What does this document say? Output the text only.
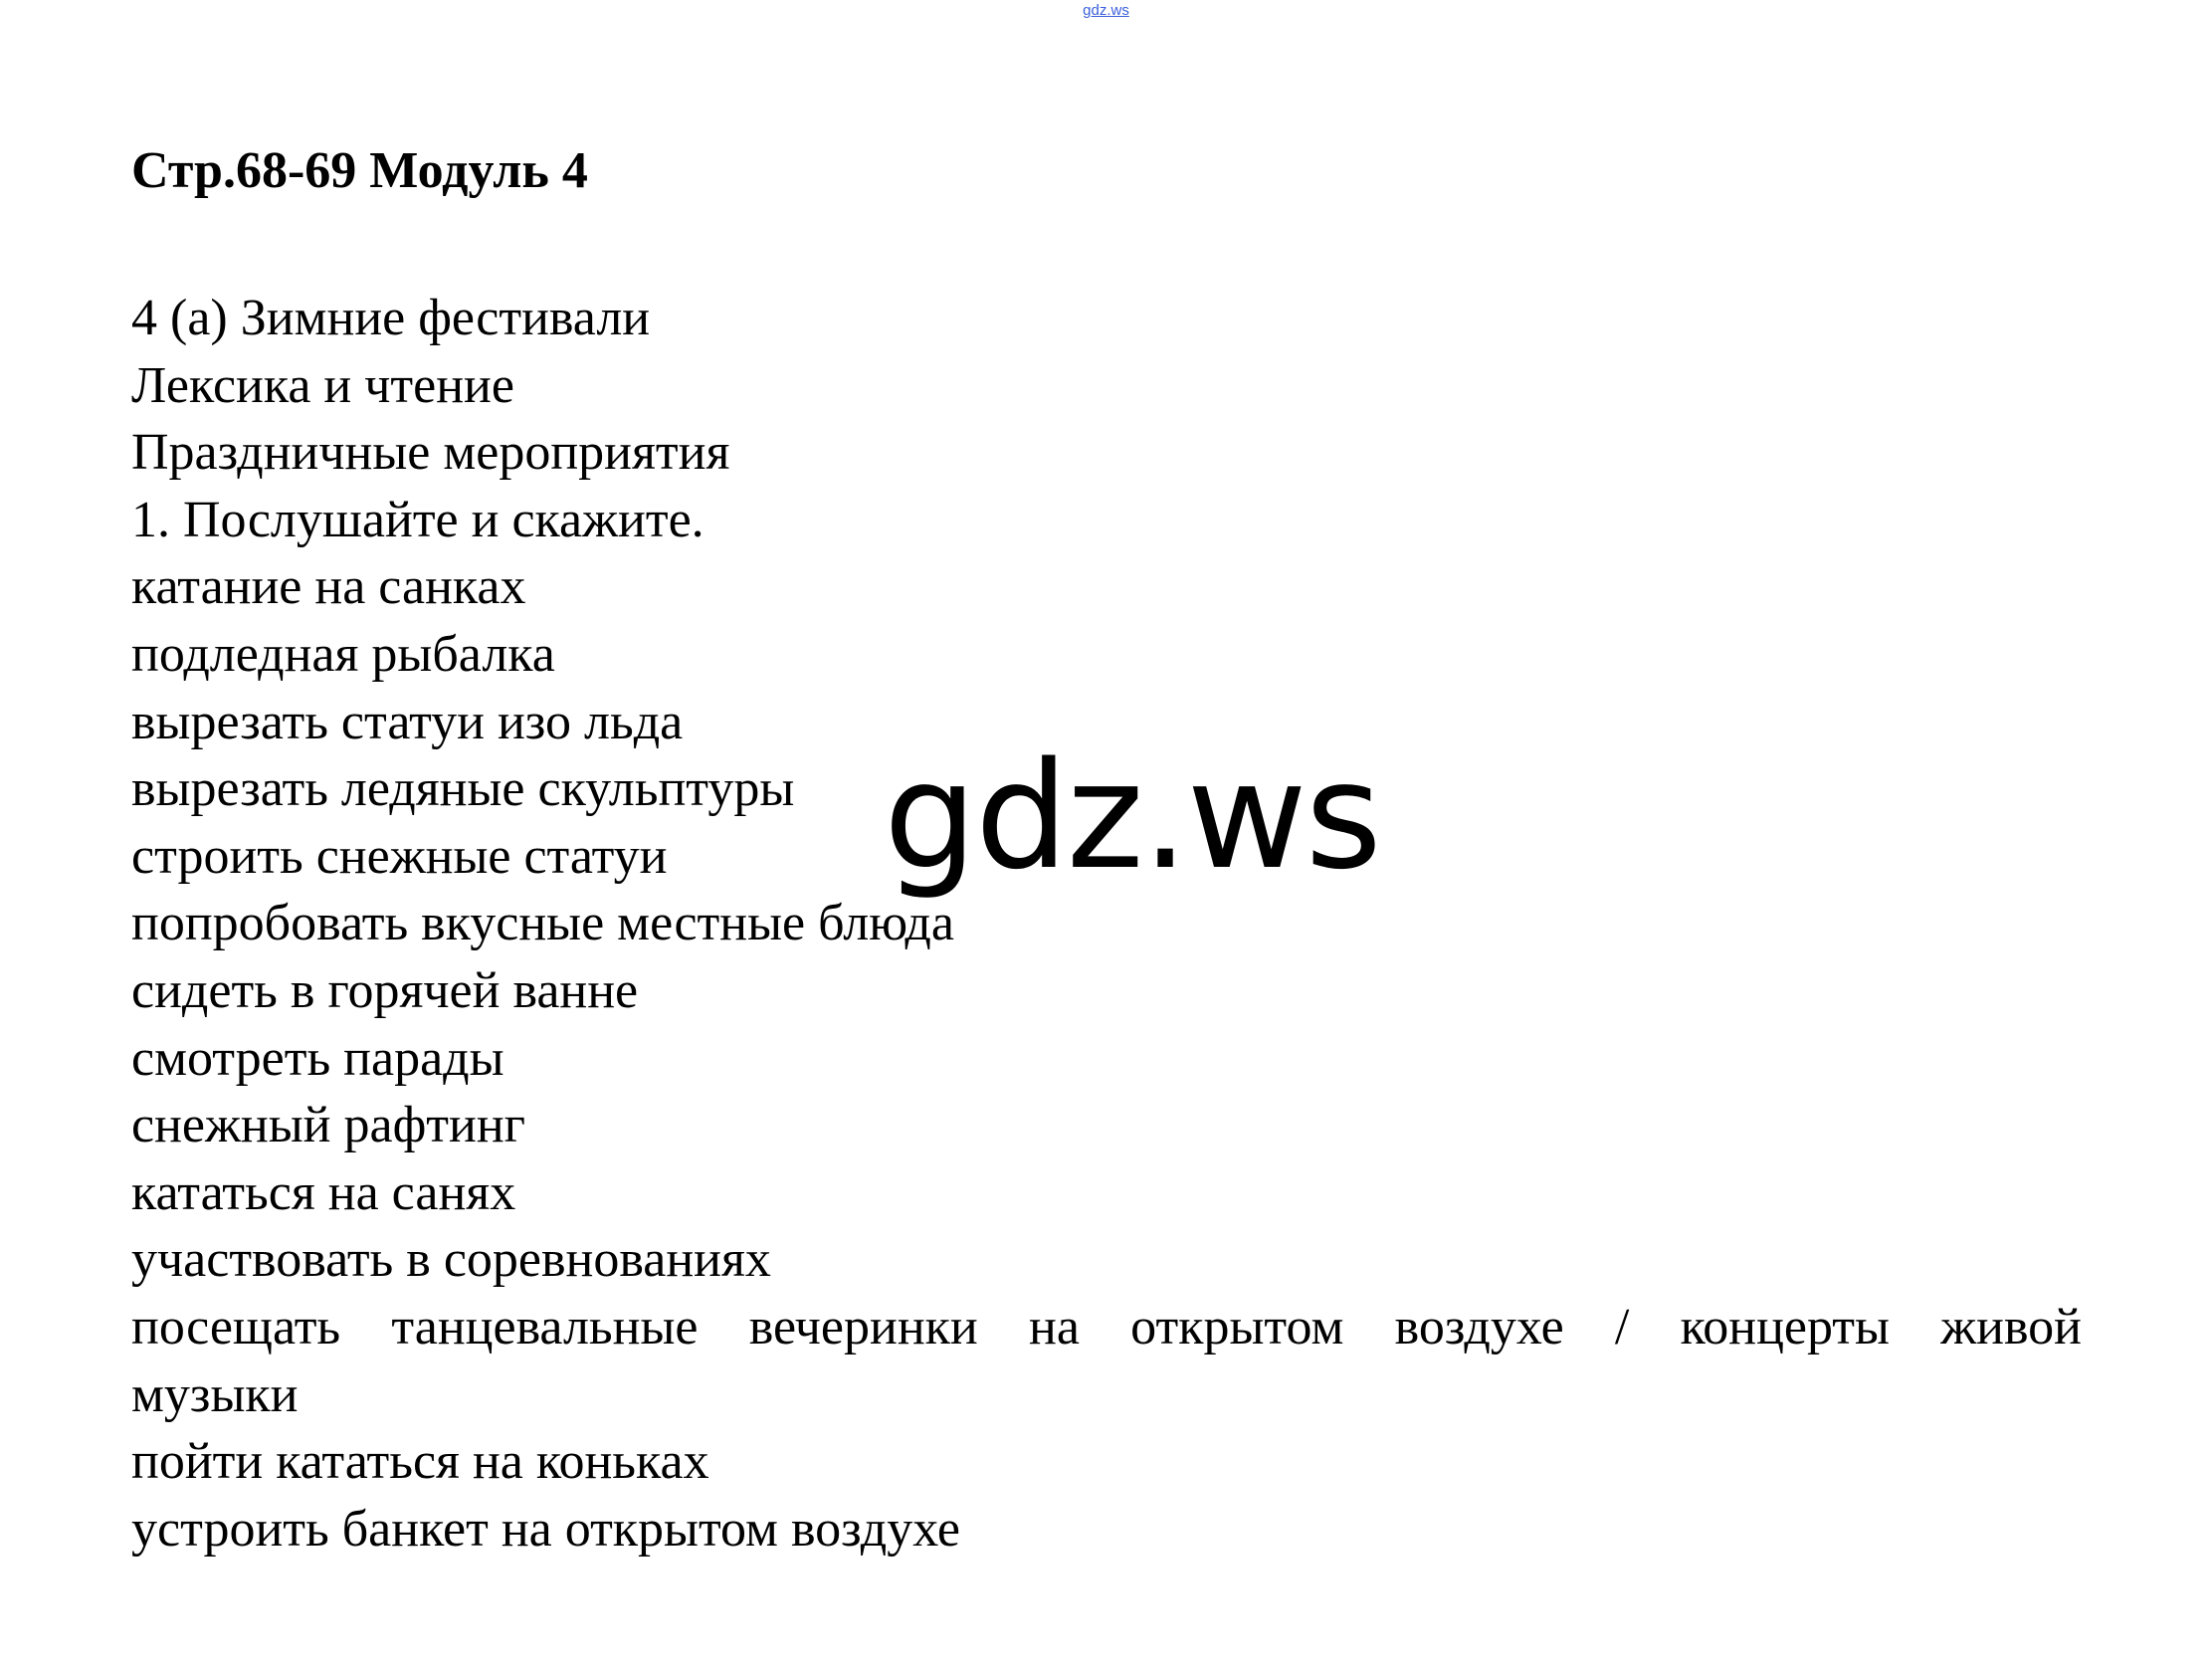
gdz.ws
Стр.68-69 Модуль 4

4 (a) Зимние фестивали

Лексика и чтение

Праздничные мероприятия

1. Послушайте и скажите.

катание на санках

подледная рыбалка

вырезать статуи изо льда

вырезать ледяные скульптуры

строить снежные статуи

попробовать вкусные местные блюда

сидеть в горячей ванне

смотреть парады

снежный рафтинг

кататься на санях

участвовать в соревнованиях

посещать танцевальные вечеринки на открытом воздухе / концерты живой

музыки

пойти кататься на коньках

устроить банкет на открытом воздухе

gdz.ws
